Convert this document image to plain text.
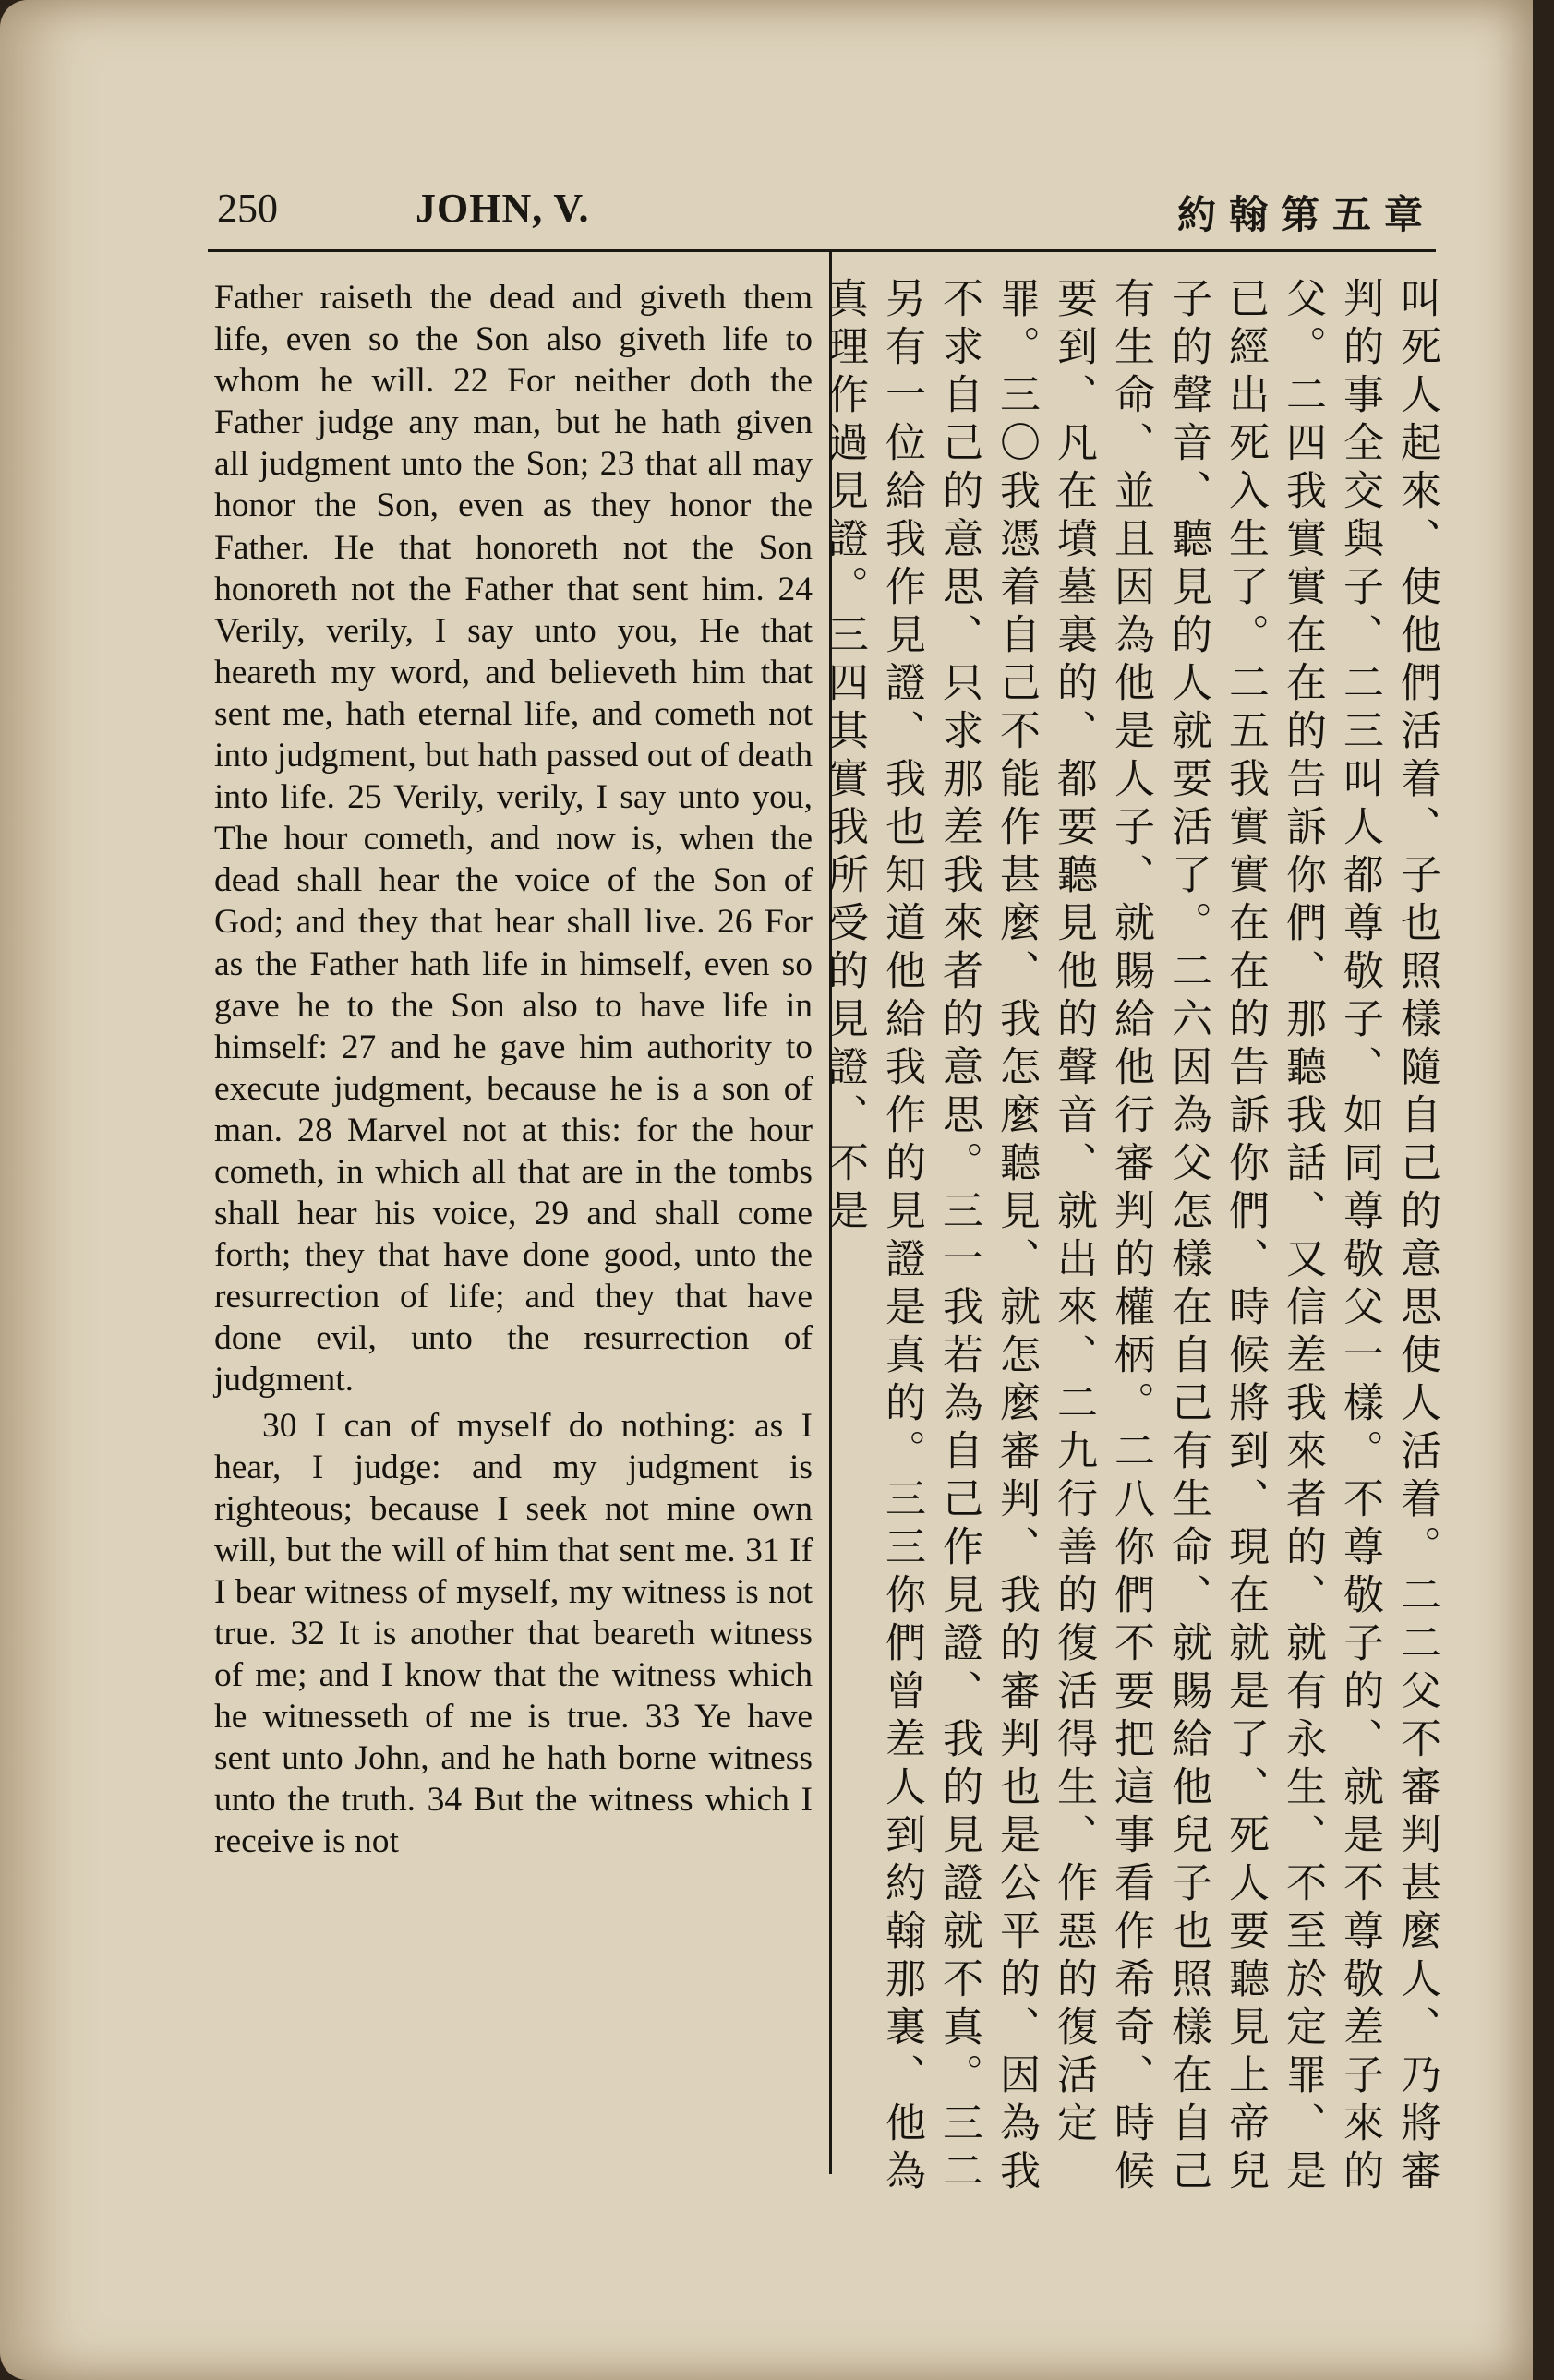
250	JOHN, V.	約翰第五章

Father raiseth the dead and giveth them life, even so the Son also giveth life to whom he will. 22 For neither doth the Father judge any man, but he hath given all judgment unto the Son; 23 that all may honor the Son, even as they honor the Father. He that honoreth not the Son honoreth not the Father that sent him. 24 Verily, verily, I say unto you, He that heareth my word, and believeth him that sent me, hath eternal life, and cometh not into judgment, but hath passed out of death into life. 25 Verily, verily, I say unto you, The hour cometh, and now is, when the dead shall hear the voice of the Son of God; and they that hear shall live. 26 For as the Father hath life in himself, even so gave he to the Son also to have life in himself: 27 and he gave him authority to execute judgment, because he is a son of man. 28 Marvel not at this: for the hour cometh, in which all that are in the tombs shall hear his voice, 29 and shall come forth; they that have done good, unto the resurrection of life; and they that have done evil, unto the resurrection of judgment.

30 I can of myself do nothing: as I hear, I judge: and my judgment is righteous; because I seek not mine own will, but the will of him that sent me. 31 If I bear witness of myself, my witness is not true. 32 It is another that beareth witness of me; and I know that the witness which he witnesseth of me is true. 33 Ye have sent unto John, and he hath borne witness unto the truth. 34 But the witness which I receive is not	叫死人起來、使他們活着、子也照樣隨自己的意思使人活着。二二父不審判甚麼人、乃將審判的事全交與子、二三叫人都尊敬子、如同尊敬父一樣。不尊敬子的、就是不尊敬差子來的父。二四我實實在在的告訴你們、那聽我話、又信差我來者的、就有永生、不至於定罪、是已經出死入生了。二五我實實在在的告訴你們、時候將到、現在就是了、死人要聽見上帝兒子的聲音、聽見的人就要活了。二六因為父怎樣在自己有生命、就賜給他兒子也照樣在自己有生命、並且因為他是人子、就賜給他行審判的權柄。二八你們不要把這事看作希奇、時候要到、凡在墳墓裏的、都要聽見他的聲音、就出來、二九行善的復活得生、作惡的復活定罪。三〇我憑着自己不能作甚麼、我怎麼聽見、就怎麼審判、我的審判也是公平的、因為我不求自己的意思、只求那差我來者的意思。三一我若為自己作見證、我的見證就不真。三二另有一位給我作見證、我也知道他給我作的見證是真的。三三你們曾差人到約翰那裏、他為真理作過見證。三四其實我所受的見證、不是
